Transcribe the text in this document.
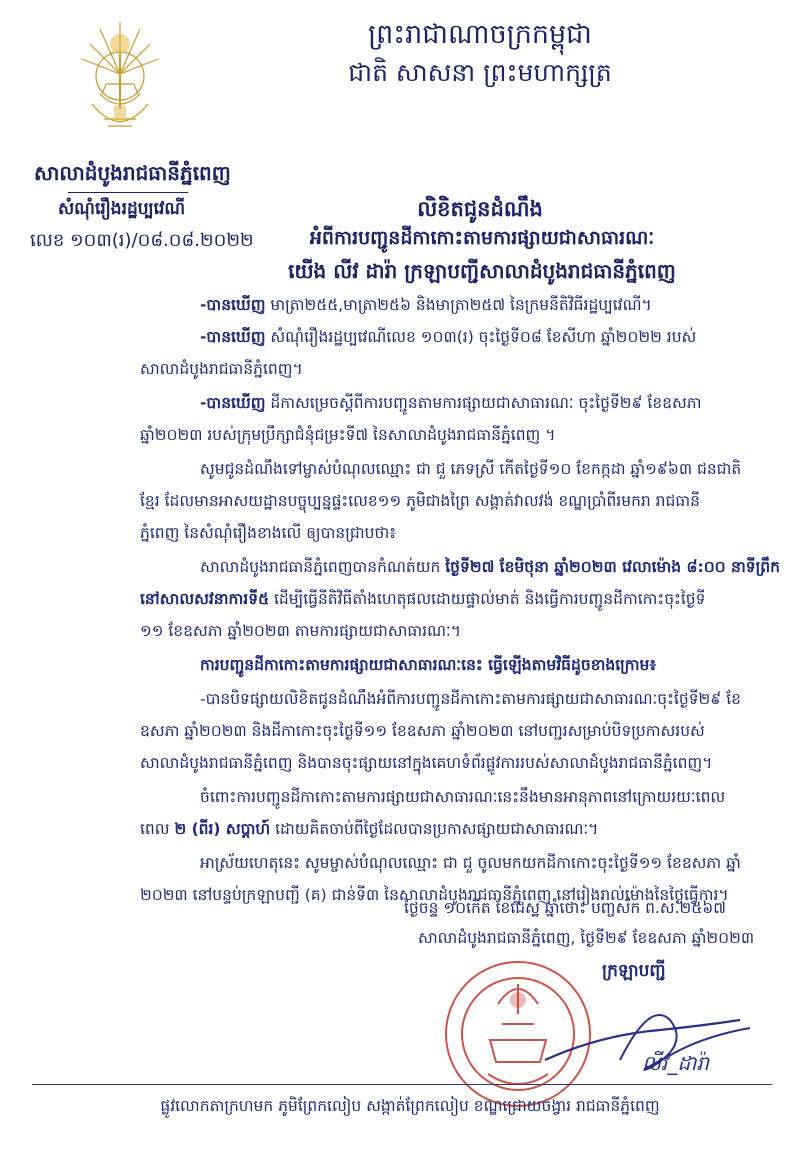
ព្រះរាជាណាចក្រកម្ពុជា
ជាតិ សាសនា ព្រះមហាក្សត្រ
សាលាដំបូងរាជធានីភ្នំពេញ
សំណុំរឿងរដ្ឋប្បវេណី
លេខ ១០៣(រ)/០៨.០៨.២០២២
លិខិតជូនដំណឹង
អំពីការបញ្ជូនដីកាកោះតាមការផ្សាយជាសាធារណៈ
យើង លីវ ដារ៉ា ក្រឡាបញ្ជីសាលាដំបូងរាជធានីភ្នំពេញ
-បានឃើញ មាត្រា២៥៥,មាត្រា២៥៦ និងមាត្រា២៥៧ នៃក្រមនីតិវិធីរដ្ឋប្បវេណី។
-បានឃើញ សំណុំរឿងរដ្ឋប្បវេណីលេខ ១០៣(រ) ចុះថ្ងៃទី០៨ ខែសីហា ឆ្នាំ២០២២ របស់
សាលាដំបូងរាជធានីភ្នំពេញ។
-បានឃើញ ដីកាសម្រេចស្តីពីការបញ្ជូនតាមការផ្សាយជាសាធារណៈ ចុះថ្ងៃទី២៩ ខែឧសភា
ឆ្នាំ២០២៣ របស់ក្រុមប្រឹក្សាជំនុំជម្រះទី៧ នៃសាលាដំបូងរាជធានីភ្នំពេញ ។
សូមជូនដំណឹងទៅម្ចាស់បំណុលឈ្មោះ ជា ជួ ភេទស្រី កើតថ្ងៃទី១០ ខែកក្កដា ឆ្នាំ១៩៦៣ ជនជាតិ
ខ្មែរ ដែលមានអាសយដ្ឋានបច្ចុប្បន្នផ្ទះលេខ១១ ភូមិជាងព្រៃ សង្កាត់វាលវង់ ខណ្ឌប្រាំពីរមករា រាជធានី
ភ្នំពេញ នៃសំណុំរឿងខាងលើ ឲ្យបានជ្រាបថា៖
សាលាដំបូងរាជធានីភ្នំពេញបានកំណត់យក ថ្ងៃទី២៧ ខែមិថុនា ឆ្នាំ២០២៣ វេលាម៉ោង ៨:០០ នាទីព្រឹក
នៅសាលសវនាការទី៥ ដើម្បីធ្វើនីតិវិធីតាំងហេតុផលដោយផ្ទាល់មាត់ និងធ្វើការបញ្ជូនដីកាកោះចុះថ្ងៃទី
១១ ខែឧសភា ឆ្នាំ២០២៣ តាមការផ្សាយជាសាធារណៈ។
ការបញ្ជូនដីកាកោះតាមការផ្សាយជាសាធារណៈនេះ ធ្វើឡើងតាមវិធីដូចខាងក្រោម៖
-បានបិទផ្សាយលិខិតជូនដំណឹងអំពីការបញ្ជូនដីកាកោះតាមការផ្សាយជាសាធារណៈចុះថ្ងៃទី២៩ ខែ
ឧសភា ឆ្នាំ២០២៣ និងដីកាកោះចុះថ្ងៃទី១១ ខែឧសភា ឆ្នាំ២០២៣ នៅបញ្ជរសម្រាប់បិទប្រកាសរបស់
សាលាដំបូងរាជធានីភ្នំពេញ និងបានចុះផ្សាយនៅក្នុងគេហទំព័រផ្លូវការរបស់សាលាដំបូងរាជធានីភ្នំពេញ។
ចំពោះការបញ្ជូនដីកាកោះតាមការផ្សាយជាសាធារណៈនេះនឹងមានអានុភាពនៅក្រោយរយៈពេល
ពេល ២ (ពីរ) សប្តាហ៍ ដោយគិតចាប់ពីថ្ងៃដែលបានប្រកាសផ្សាយជាសាធារណៈ។
អាស្រ័យហេតុនេះ សូមម្ចាស់បំណុលឈ្មោះ ជា ជួ ចូលមកយកដីកាកោះចុះថ្ងៃទី១១ ខែឧសភា ឆ្នាំ
២០២៣ នៅបន្ទប់ក្រឡាបញ្ជី (គ) ជាន់ទី៣ នៃសាលាដំបូងរាជធានីភ្នំពេញ នៅរៀងរាល់ម៉ោងនៃថ្ងៃធ្វើការ។
ថ្ងៃចន្ទ ១០កើត ខែជេស្ឋ ឆ្នាំថោះ បញ្ចស័ក ព.ស.២៥៦៧
សាលាដំបូងរាជធានីភ្នំពេញ, ថ្ងៃទី២៩ ខែឧសភា ឆ្នាំ២០២៣
ក្រឡាបញ្ជី
លីវ_ដារ៉ា
ផ្លូវលោកតាក្រហមក ភូមិព្រែកលៀប សង្កាត់ព្រែកលៀប ខណ្ឌជ្រោយចង្វារ រាជធានីភ្នំពេញ
